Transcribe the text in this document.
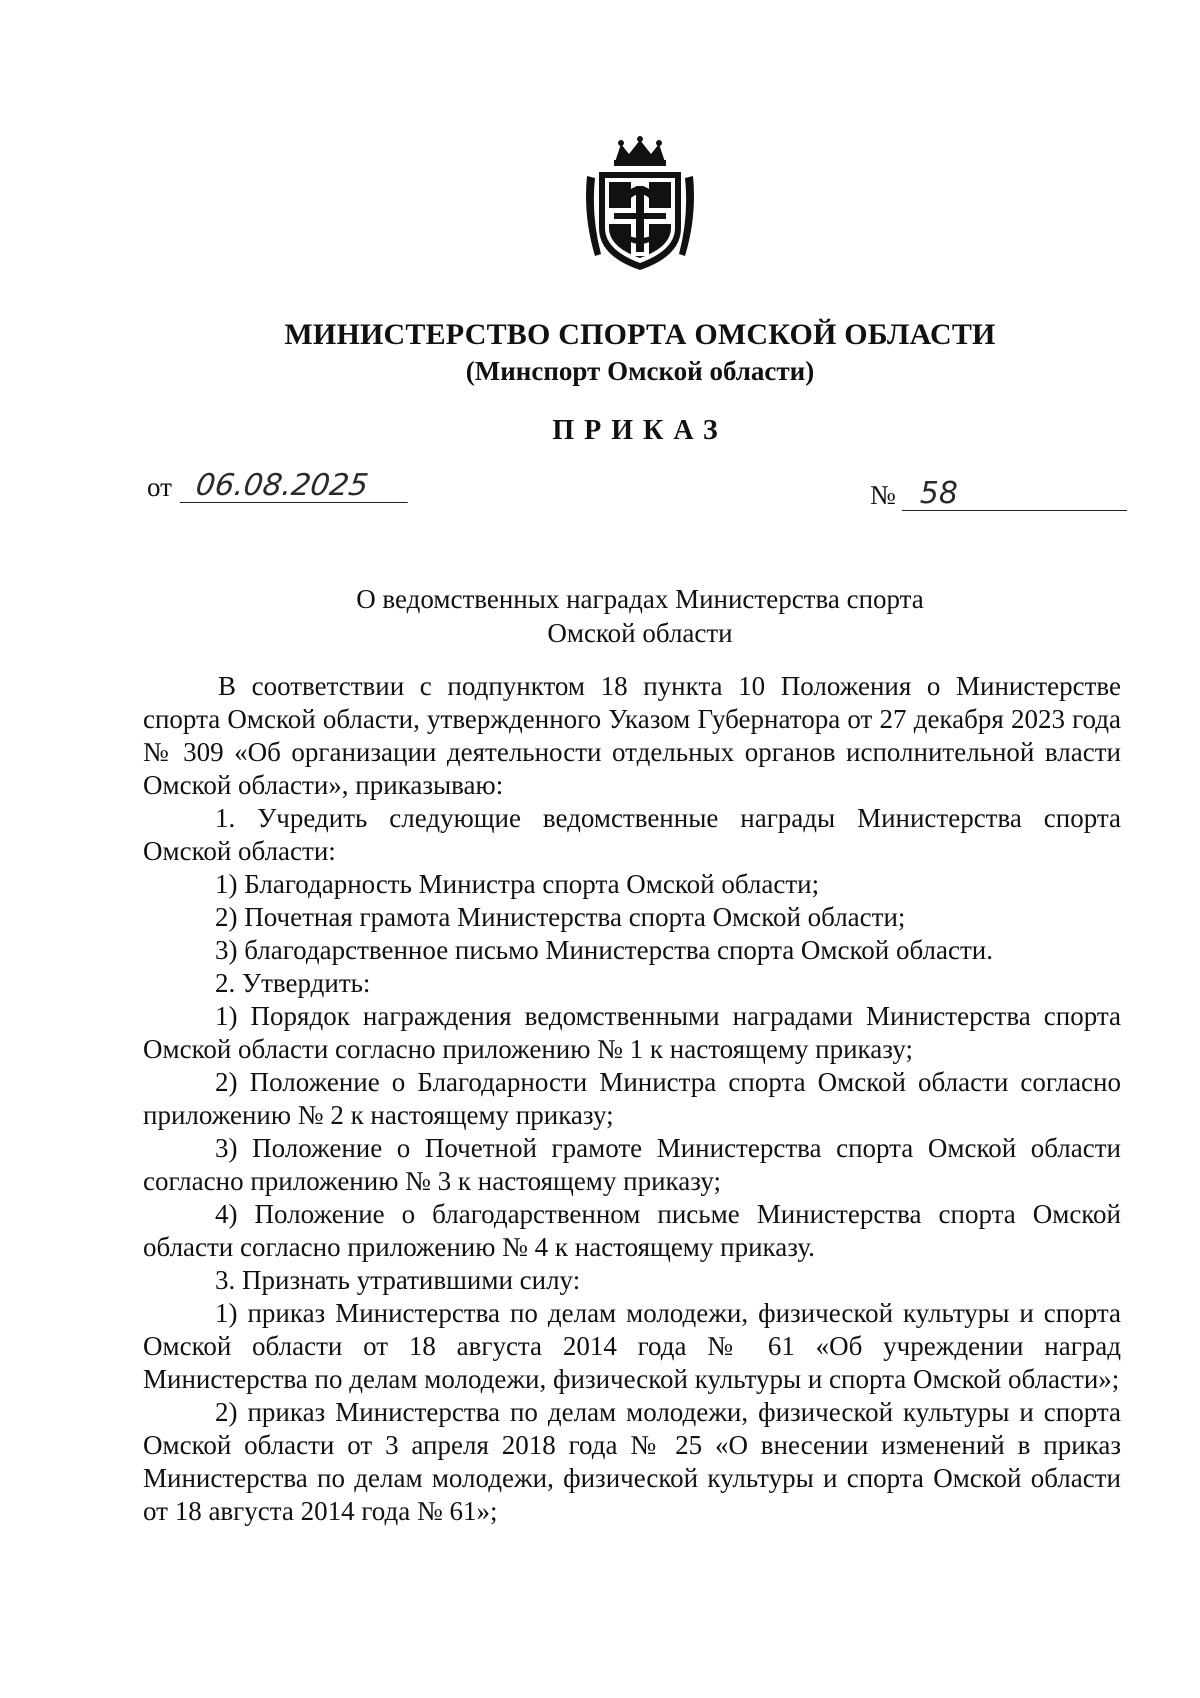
МИНИСТЕРСТВО СПОРТА ОМСКОЙ ОБЛАСТИ
(Минспорт Омской области)
ПРИКАЗ
от 06.08.2025	№ 58
О ведомственных наградах Министерства спорта
Омской области

В соответствии с подпунктом 18 пункта 10 Положения о Министерстве спорта Омской области, утвержденного Указом Губернатора от 27 декабря 2023 года № 309 «Об организации деятельности отдельных органов исполнительной власти Омской области», приказываю:

1. Учредить следующие ведомственные награды Министерства спорта Омской области:

1) Благодарность Министра спорта Омской области;

2) Почетная грамота Министерства спорта Омской области;

3) благодарственное письмо Министерства спорта Омской области.

2. Утвердить:

1) Порядок награждения ведомственными наградами Министерства спорта Омской области согласно приложению № 1 к настоящему приказу;

2) Положение о Благодарности Министра спорта Омской области согласно приложению № 2 к настоящему приказу;

3) Положение о Почетной грамоте Министерства спорта Омской области согласно приложению № 3 к настоящему приказу;

4) Положение о благодарственном письме Министерства спорта Омской области согласно приложению № 4 к настоящему приказу.

3. Признать утратившими силу:

1) приказ Министерства по делам молодежи, физической культуры и спорта Омской области от 18 августа 2014 года № 61 «Об учреждении наград Министерства по делам молодежи, физической культуры и спорта Омской области»;

2) приказ Министерства по делам молодежи, физической культуры и спорта Омской области от 3 апреля 2018 года № 25 «О внесении изменений в приказ Министерства по делам молодежи, физической культуры и спорта Омской области от 18 августа 2014 года № 61»;
